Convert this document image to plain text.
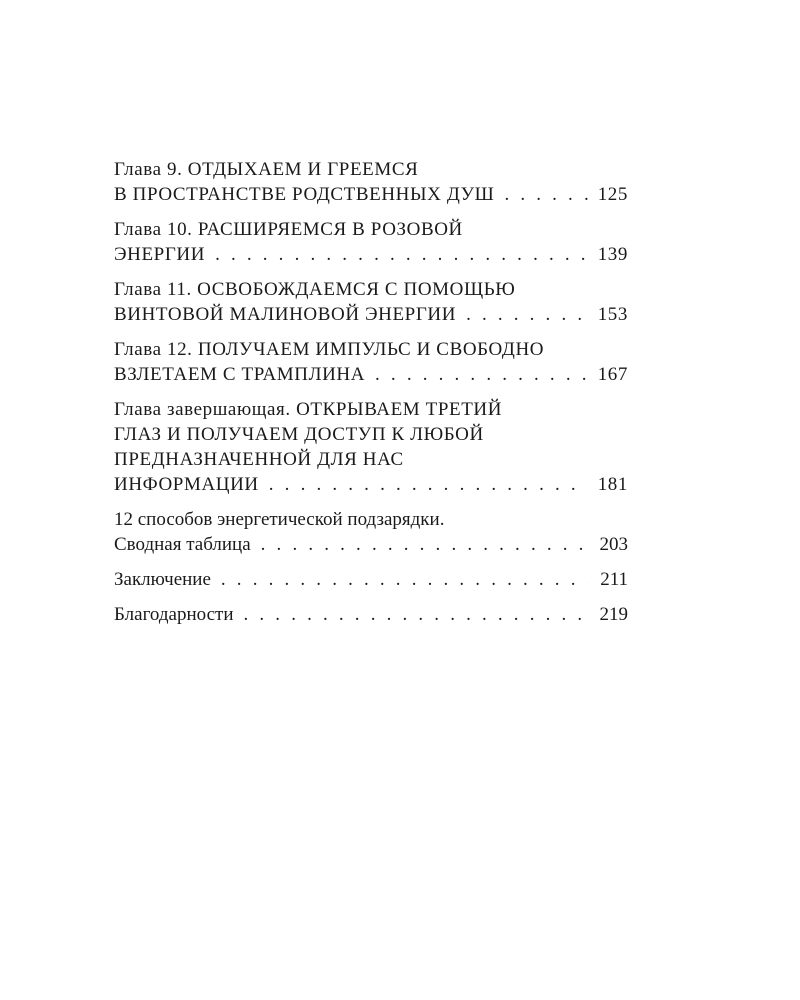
Глава 9. ОТДЫХАЕМ И ГРЕЕМСЯ
В ПРОСТРАНСТВЕ РОДСТВЕННЫХ ДУШ . . .	125
Глава 10. РАСШИРЯЕМСЯ В РОЗОВОЙ
ЭНЕРГИИ . . .	139
Глава 11. ОСВОБОЖДАЕМСЯ С ПОМОЩЬЮ
ВИНТОВОЙ МАЛИНОВОЙ ЭНЕРГИИ . . .	153
Глава 12. ПОЛУЧАЕМ ИМПУЛЬС И СВОБОДНО
ВЗЛЕТАЕМ С ТРАМПЛИНА . . .	167
Глава завершающая. ОТКРЫВАЕМ ТРЕТИЙ
ГЛАЗ И ПОЛУЧАЕМ ДОСТУП К ЛЮБОЙ
ПРЕДНАЗНАЧЕННОЙ ДЛЯ НАС
ИНФОРМАЦИИ . . .	181
12 способов энергетической подзарядки.
Сводная таблица . . .	203
Заключение . . .	211
Благодарности . . .	219
